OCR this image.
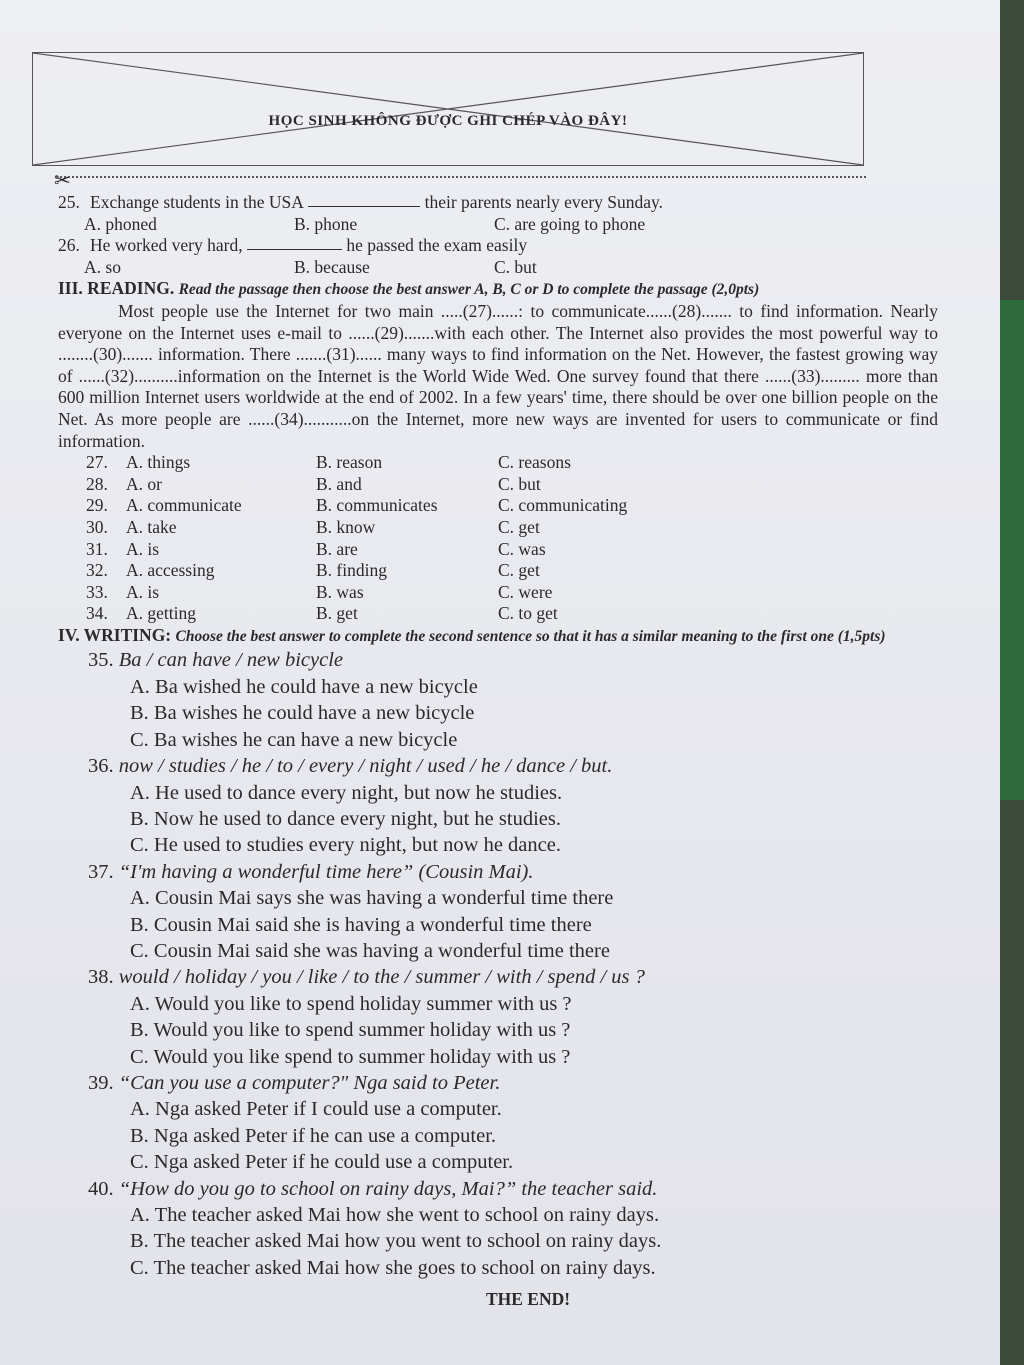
HỌC SINH KHÔNG ĐƯỢC GHI CHÉP VÀO ĐÂY!
✂
25. Exchange students in the USA

	their parents nearly every Sunday.
A. phoned	B. phone	C. are going to phone
26. He worked very hard,

	he passed the exam easily
A. so	B. because	C. but
III. READING. Read the passage then choose the best answer A, B, C or D to complete the passage (2,0pts)

Most people use the Internet for two main .....(27)......: to communicate......(28)....... to find information. Nearly everyone on the Internet uses e-mail to ......(29).......with each other. The Internet also provides the most powerful way to ........(30)....... information. There .......(31)...... many ways to find information on the Net. However, the fastest growing way of ......(32)..........information on the Internet is the World Wide Wed. One survey found that there ......(33)......... more than 600 million Internet users worldwide at the end of 2002. In a few years' time, there should be over one billion people on the Net. As more people are ......(34)...........on the Internet, more new ways are invented for users to communicate or find information.

27.	A. things	B. reason	C. reasons
28.	A. or	B. and	C. but
29.	A. communicate	B. communicates	C. communicating
30.	A. take	B. know	C. get
31.	A. is	B. are	C. was
32.	A. accessing	B. finding	C. get
33.	A. is	B. was	C. were
34.	A. getting	B. get	C. to get
IV. WRITING: Choose the best answer to complete the second sentence so that it has a similar meaning to the first one (1,5pts)
35. Ba / can have / new bicycle
A. Ba wished he could have a new bicycle
B. Ba wishes he could have a new bicycle
C. Ba wishes he can have a new bicycle
36. now / studies / he / to / every / night / used / he / dance / but.
A. He used to dance every night, but now he studies.
B. Now he used to dance every night, but he studies.
C. He used to studies every night, but now he dance.
37. “I'm having a wonderful time here” (Cousin Mai).
A. Cousin Mai says she was having a wonderful time there
B. Cousin Mai said she is having a wonderful time there
C. Cousin Mai said she was having a wonderful time there
38. would / holiday / you / like / to the / summer / with / spend / us ?
A. Would you like to spend holiday summer with us ?
B. Would you like to spend summer holiday with us ?
C. Would you like spend to summer holiday with us ?
39. “Can you use a computer?" Nga said to Peter.
A. Nga asked Peter if I could use a computer.
B. Nga asked Peter if he can use a computer.
C. Nga asked Peter if he could use a computer.
40. “How do you go to school on rainy days, Mai?” the teacher said.
A. The teacher asked Mai how she went to school on rainy days.
B. The teacher asked Mai how you went to school on rainy days.
C. The teacher asked Mai how she goes to school on rainy days.
THE END!
